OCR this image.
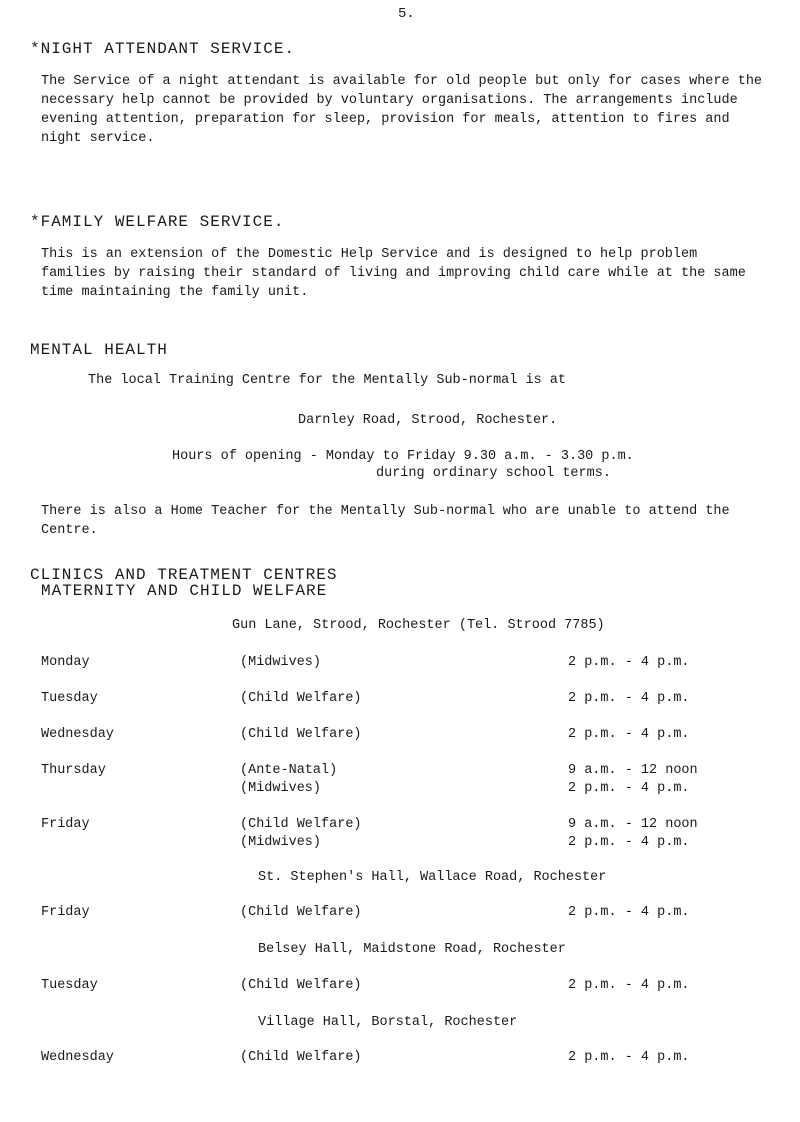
5.
*NIGHT ATTENDANT SERVICE.
The Service of a night attendant is available for old people but only for cases where the necessary help cannot be provided by voluntary organisations. The arrangements include evening attention, preparation for sleep, provision for meals, attention to fires and night service.
*FAMILY WELFARE SERVICE.
This is an extension of the Domestic Help Service and is designed to help problem families by raising their standard of living and improving child care while at the same time maintaining the family unit.
MENTAL HEALTH
The local Training Centre for the Mentally Sub-normal is at
Darnley Road, Strood, Rochester.
Hours of opening - Monday to Friday 9.30 a.m. - 3.30 p.m.
during ordinary school terms.
There is also a Home Teacher for the Mentally Sub-normal who are unable to attend the Centre.
CLINICS AND TREATMENT CENTRES
MATERNITY AND CHILD WELFARE
Gun Lane, Strood, Rochester (Tel. Strood 7785)
Monday	(Midwives)	2 p.m. - 4 p.m.
Tuesday	(Child Welfare)	2 p.m. - 4 p.m.
Wednesday	(Child Welfare)	2 p.m. - 4 p.m.
Thursday	(Ante-Natal)	9 a.m. - 12 noon
(Midwives)	2 p.m. - 4 p.m.
Friday	(Child Welfare)	9 a.m. - 12 noon
(Midwives)	2 p.m. - 4 p.m.
St. Stephen's Hall, Wallace Road, Rochester
Friday	(Child Welfare)	2 p.m. - 4 p.m.
Belsey Hall, Maidstone Road, Rochester
Tuesday	(Child Welfare)	2 p.m. - 4 p.m.
Village Hall, Borstal, Rochester
Wednesday	(Child Welfare)	2 p.m. - 4 p.m.
